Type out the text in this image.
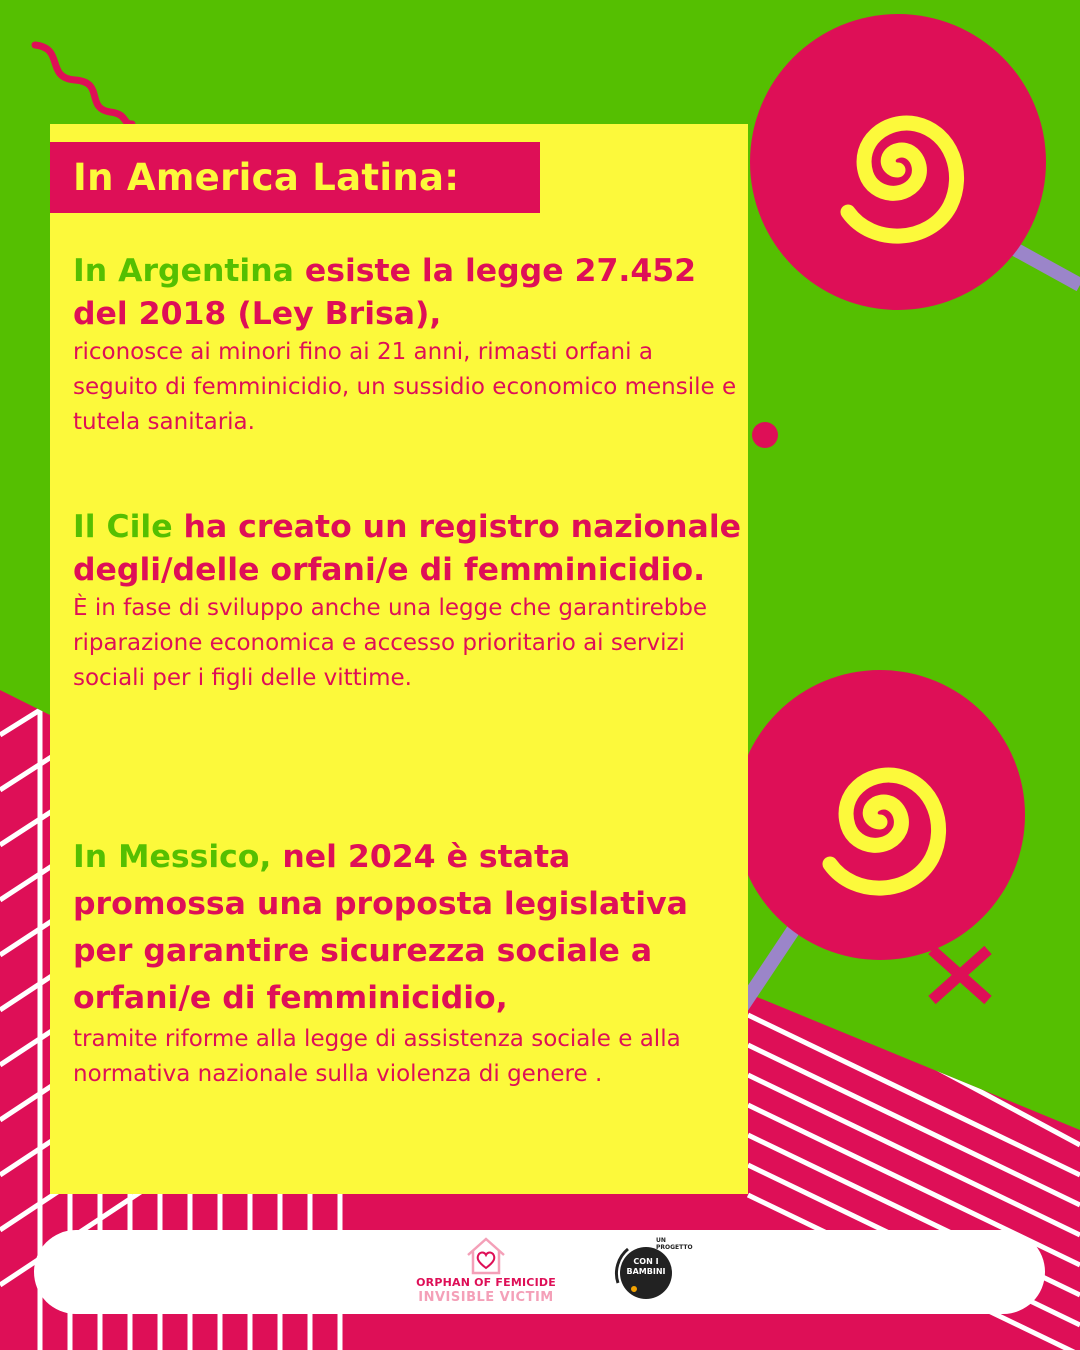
In America Latina:

In Argentina esiste la legge 27.452 del 2018 (Ley Brisa),

riconosce ai minori fino ai 21 anni, rimasti orfani a seguito di femminicidio, un sussidio economico mensile e tutela sanitaria.

Il Cile ha creato un registro nazionale degli/delle orfani/e di femminicidio.

È in fase di sviluppo anche una legge che garantirebbe riparazione economica e accesso prioritario ai servizi sociali per i figli delle vittime.

In Messico, nel 2024 è stata promossa una proposta legislativa per garantire sicurezza sociale a orfani/e di femminicidio,

tramite riforme alla legge di assistenza sociale e alla normativa nazionale sulla violenza di genere .

ORPHAN OF FEMICIDE
INVISIBLE VICTIM
CON I BAMBINI
UN PROGETTO
